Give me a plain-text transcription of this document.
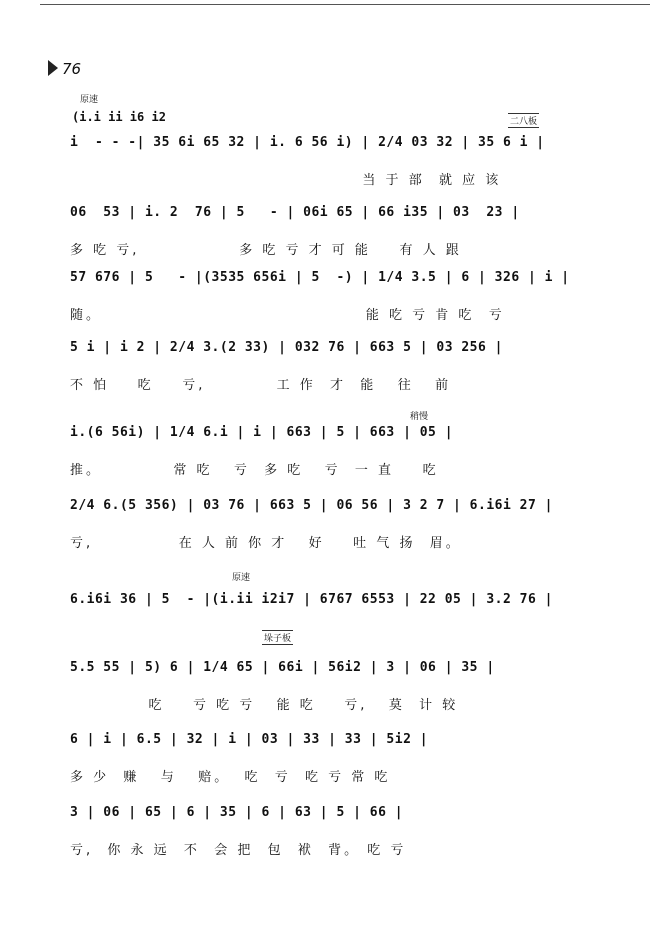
76
原速
(i.i ii i6 i2	二八板
i  - - -| 35 6i 65 32 | i. 6 56 i) | 2/4 03 32 | 35 6 i |
当 于 部  就 应 该
06  53 | i. 2  76 | 5   - | 06i 65 | 66 i35 | 03  23 |
多 吃 亏,              多 吃 亏 才 可 能    有 人 跟
57 676 | 5   - |(3535 656i | 5  -) | 1/4 3.5 | 6 | 326 | i |
随。                                     能 吃 亏 肯 吃  亏
5 i | i 2 | 2/4 3.(2 33) | 032 76 | 663 5 | 03 256 |
不 怕    吃    亏,          工 作  才  能   往   前
稍慢
i.(6 56i) | 1/4 6.i | i | 663 | 5 | 663 | 05 |
推。          常 吃   亏  多 吃   亏  一 直    吃
2/4 6.(5 356) | 03 76 | 663 5 | 06 56 | 3 2 7 | 6.i6i 27 |
亏,            在 人 前 你 才   好    吐 气 扬  眉。
原速
6.i6i 36 | 5  - |(i.ii i2i7 | 6767 6553 | 22 05 | 3.2 76 |
垛子板
5.5 55 | 5) 6 | 1/4 65 | 66i | 56i2 | 3 | 06 | 35 |
吃    亏 吃 亏   能 吃    亏,   莫  计 较
6 | i | 6.5 | 32 | i | 03 | 33 | 33 | 5i2 |
多 少  赚   与   赔。  吃  亏  吃 亏 常 吃
3 | 06 | 65 | 6 | 35 | 6 | 63 | 5 | 66 |
亏,  你 永 远  不  会 把  包  袱  背。 吃 亏
